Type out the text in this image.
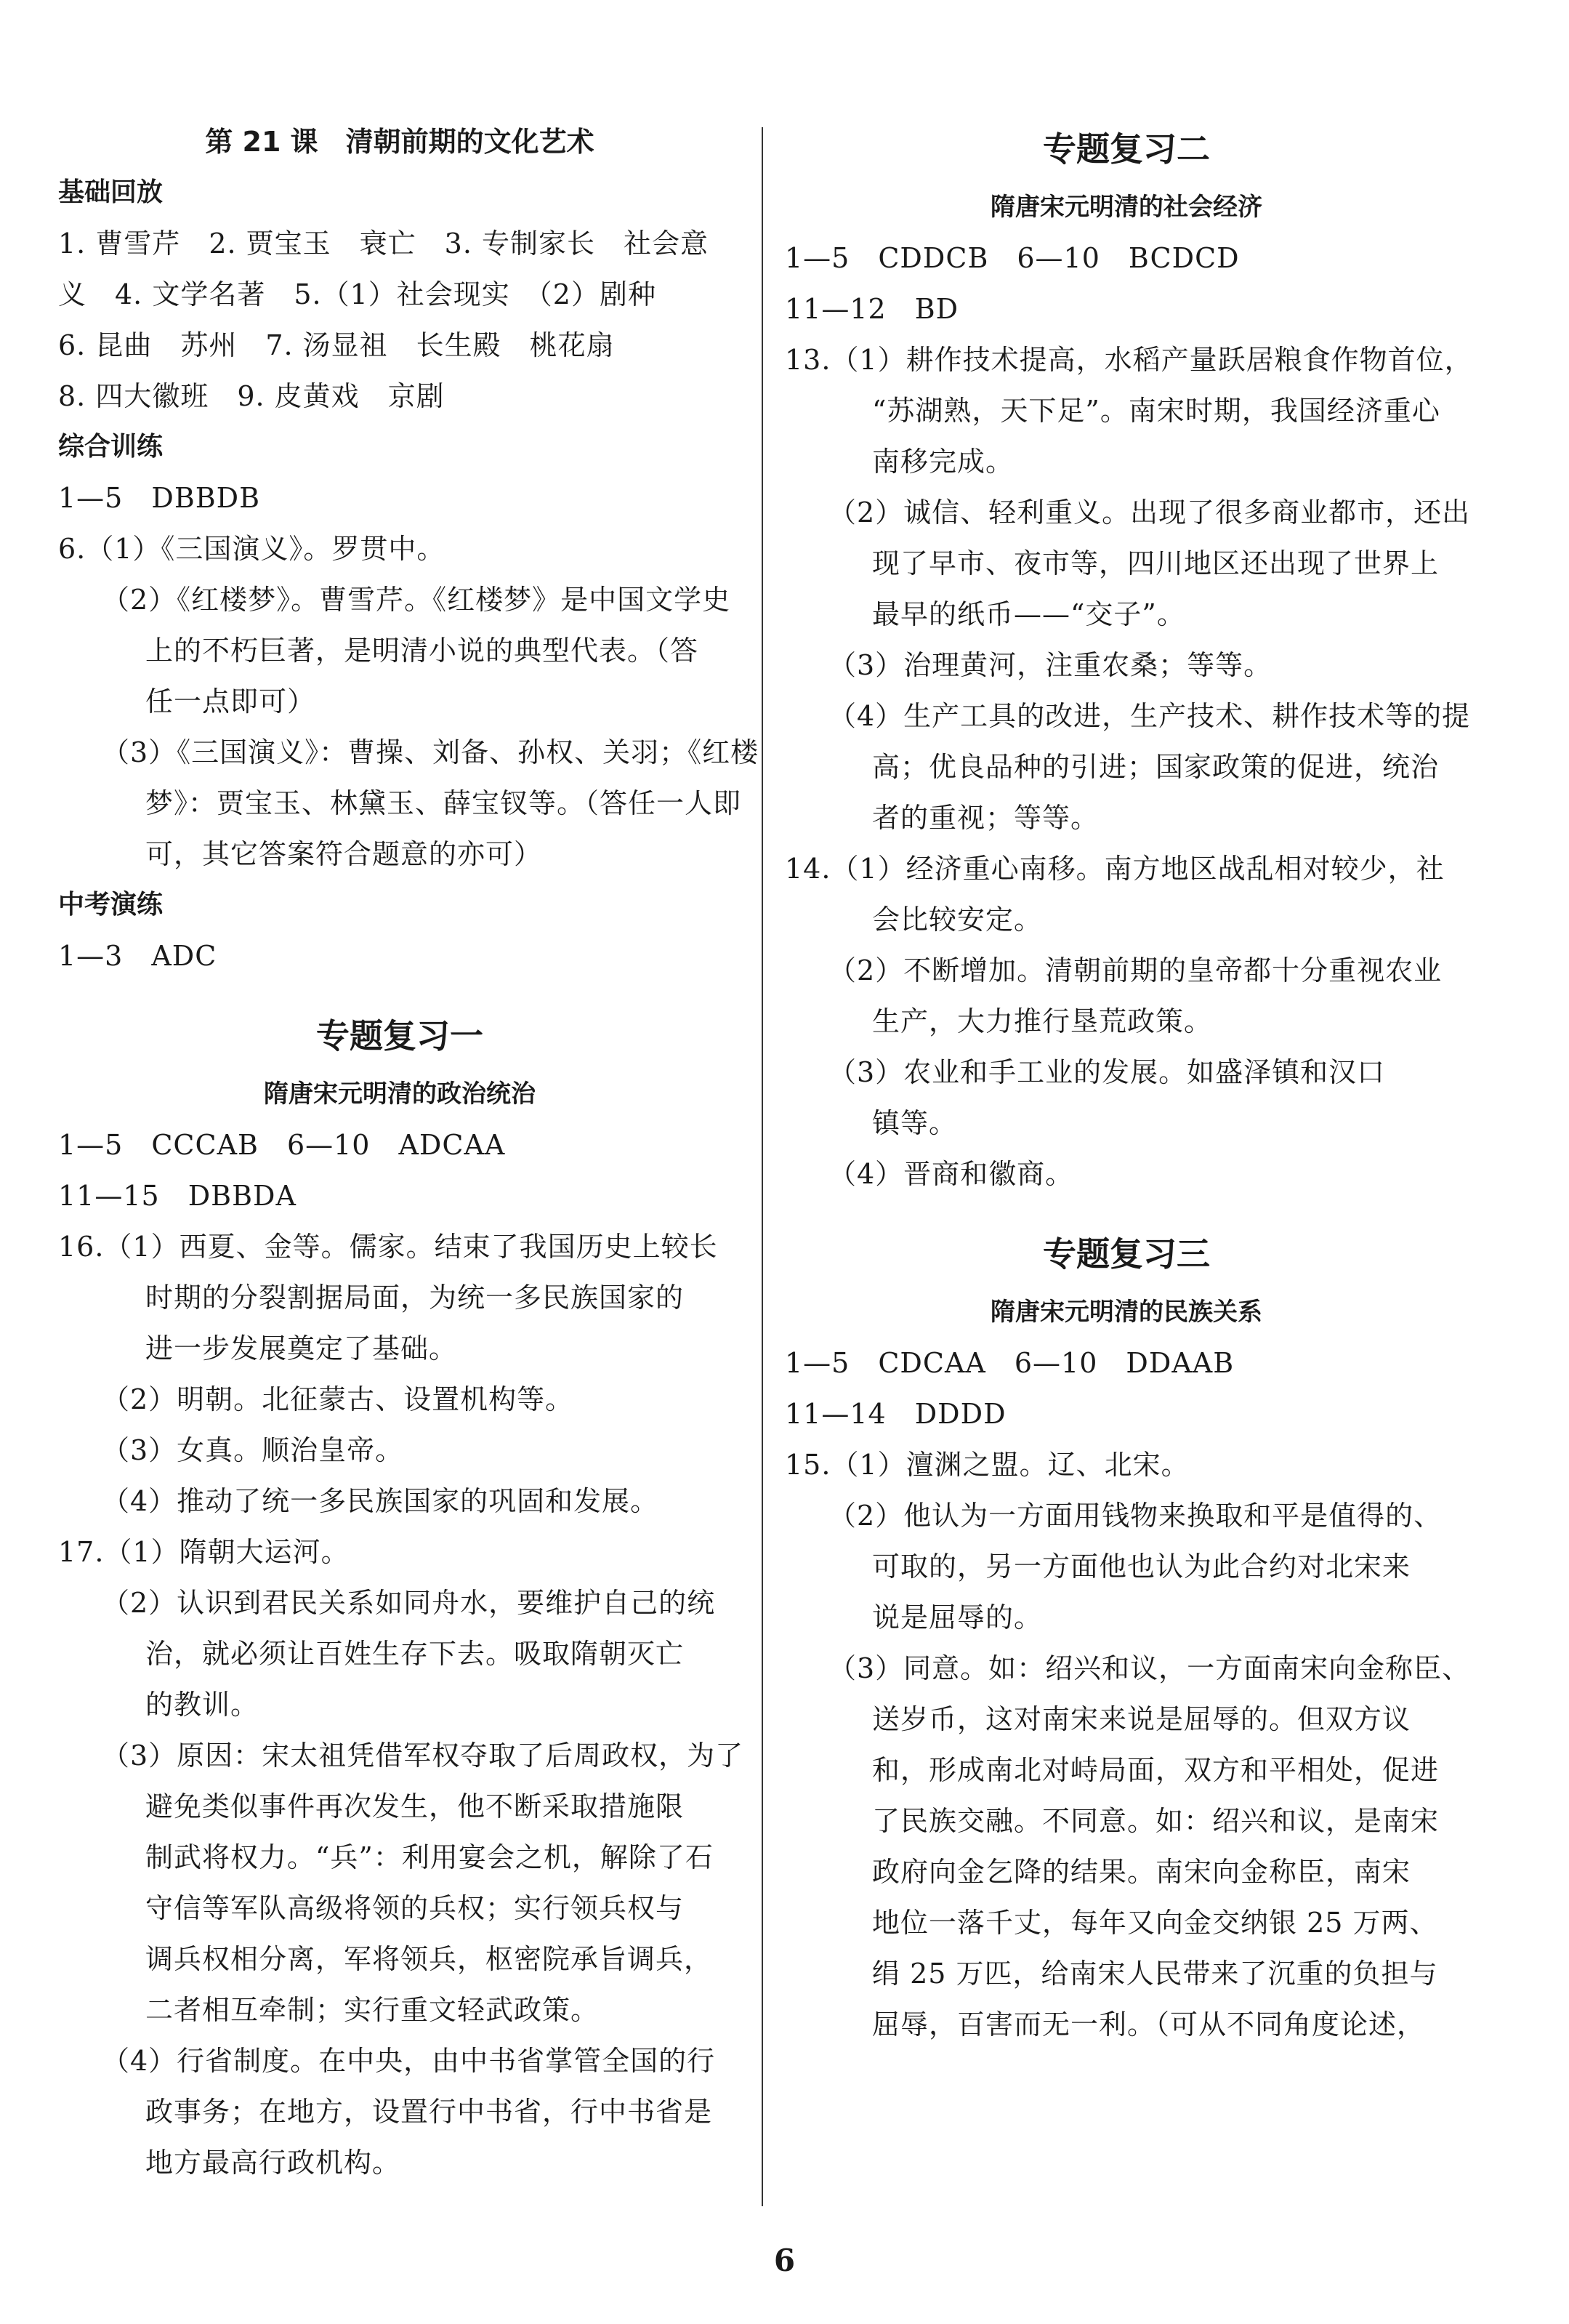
第 21 课　清朝前期的文化艺术
基础回放
1. 曹雪芹　2. 贾宝玉　衰亡　3. 专制家长　社会意
义　4. 文学名著　5.（1）社会现实　（2）剧种
6. 昆曲　苏州　7. 汤显祖　长生殿　桃花扇
8. 四大徽班　9. 皮黄戏　京剧
综合训练
1—5　DBBDB
6.（1）《三国演义》。罗贯中。
（2）《红楼梦》。曹雪芹。《红楼梦》是中国文学史
上的不朽巨著，是明清小说的典型代表。（答
任一点即可）
（3）《三国演义》：曹操、刘备、孙权、关羽；《红楼
梦》：贾宝玉、林黛玉、薛宝钗等。（答任一人即
可，其它答案符合题意的亦可）
中考演练
1—3　ADC
专题复习一
隋唐宋元明清的政治统治
1—5　CCCAB　6—10　ADCAA
11—15　DBBDA
16.（1）西夏、金等。儒家。结束了我国历史上较长
时期的分裂割据局面，为统一多民族国家的
进一步发展奠定了基础。
（2）明朝。北征蒙古、设置机构等。
（3）女真。顺治皇帝。
（4）推动了统一多民族国家的巩固和发展。
17.（1）隋朝大运河。
（2）认识到君民关系如同舟水，要维护自己的统
治，就必须让百姓生存下去。吸取隋朝灭亡
的教训。
（3）原因：宋太祖凭借军权夺取了后周政权，为了
避免类似事件再次发生，他不断采取措施限
制武将权力。“兵”：利用宴会之机，解除了石
守信等军队高级将领的兵权；实行领兵权与
调兵权相分离，军将领兵，枢密院承旨调兵，
二者相互牵制；实行重文轻武政策。
（4）行省制度。在中央，由中书省掌管全国的行
政事务；在地方，设置行中书省，行中书省是
地方最高行政机构。
专题复习二
隋唐宋元明清的社会经济
1—5　CDDCB　6—10　BCDCD
11—12　BD
13.（1）耕作技术提高，水稻产量跃居粮食作物首位，
“苏湖熟，天下足”。南宋时期，我国经济重心
南移完成。
（2）诚信、轻利重义。出现了很多商业都市，还出
现了早市、夜市等，四川地区还出现了世界上
最早的纸币——“交子”。
（3）治理黄河，注重农桑；等等。
（4）生产工具的改进，生产技术、耕作技术等的提
高；优良品种的引进；国家政策的促进，统治
者的重视；等等。
14.（1）经济重心南移。南方地区战乱相对较少，社
会比较安定。
（2）不断增加。清朝前期的皇帝都十分重视农业
生产，大力推行垦荒政策。
（3）农业和手工业的发展。如盛泽镇和汉口
镇等。
（4）晋商和徽商。
专题复习三
隋唐宋元明清的民族关系
1—5　CDCAA　6—10　DDAAB
11—14　DDDD
15.（1）澶渊之盟。辽、北宋。
（2）他认为一方面用钱物来换取和平是值得的、
可取的，另一方面他也认为此合约对北宋来
说是屈辱的。
（3）同意。如：绍兴和议，一方面南宋向金称臣、
送岁币，这对南宋来说是屈辱的。但双方议
和，形成南北对峙局面，双方和平相处，促进
了民族交融。不同意。如：绍兴和议，是南宋
政府向金乞降的结果。南宋向金称臣，南宋
地位一落千丈，每年又向金交纳银 25 万两、
绢 25 万匹，给南宋人民带来了沉重的负担与
屈辱，百害而无一利。（可从不同角度论述，
6
